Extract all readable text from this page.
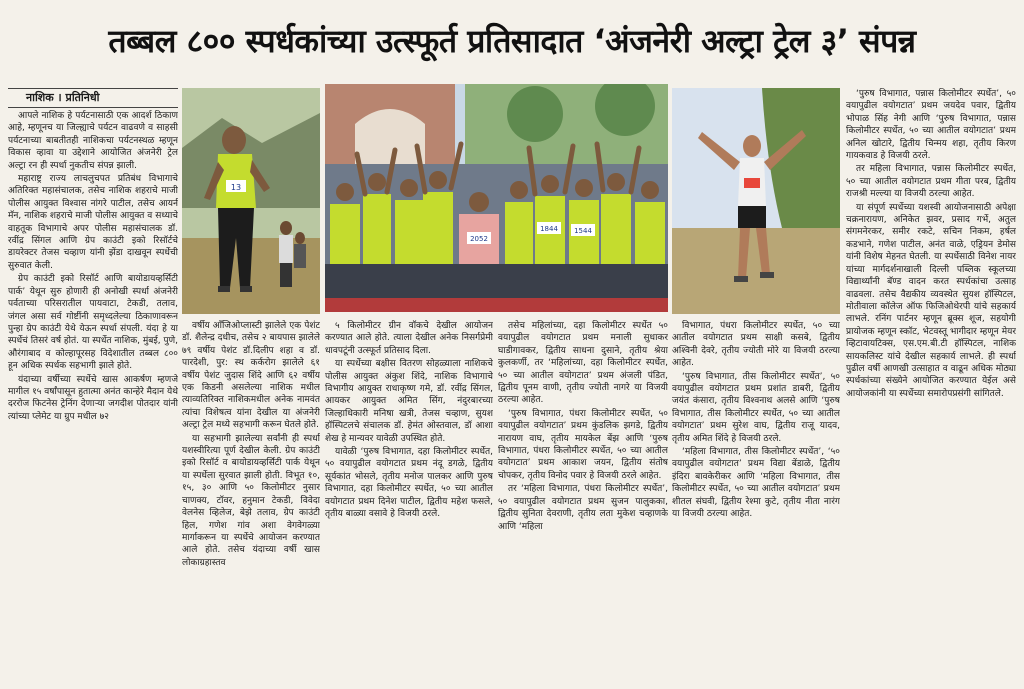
तब्बल ८०० स्पर्धकांच्या उत्स्फूर्त प्रतिसादात ‘अंजनेरी अल्ट्रा ट्रेल ३’ संपन्न
नाशिक । प्रतिनिधी

आपले नाशिक हे पर्यटनासाठी एक आदर्श ठिकाण आहे, म्हणूनच या जिल्ह्याचे पर्यटन वाढवणे व साहसी पर्यटनाच्या बाबतीतही नाशिकचा पर्यटनस्थळ म्हणून विकास व्हावा या उद्देशाने आयोजित अंजनेरी ट्रेल अल्ट्रा रन ही स्पर्धा नुकतीच संपन्न झाली.

महाराष्ट्र राज्य लाचलुचपत प्रतिबंध विभागाचे अतिरिक्त महासंचालक, तसेच नाशिक शहराचे माजी पोलीस आयुक्त विश्वास नांगरे पाटील, तसेच आयर्न मॅन, नाशिक शहराचे माजी पोलीस आयुक्त व सध्याचे वाहतूक विभागाचे अपर पोलीस महासंचालक डॉ. रवींद्र सिंगल आणि ग्रेप काउंटी इको रिसॉर्टचे डायरेक्टर तेजस चव्हाण यांनी झेंडा दाखवून स्पर्धेची सुरुवात केली.

ग्रेप काउंटी इको रिसॉर्ट आणि बायोडायव्हर्सिटी पार्क’ येथून सुरु होणारी ही अनोखी स्पर्धा अंजनेरी पर्वताच्या परिसरातील पायवाटा, टेकडी, तलाव, जंगल असा सर्व गोष्टींनी समृध्दलेल्या ठिकाणावरून पुन्हा ग्रेप काउंटी येथे येऊन स्पर्धा संपली. यंदा हे या स्पर्धेचं तिसरं वर्ष होतं. या स्पर्धेत नाशिक, मुंबई, पुणे, औरंगाबाद व कोल्हापूरसह विदेशातील तब्बल ८०० हून अधिक स्पर्धक सहभागी झाले होते.

यंदाच्या वर्षीच्या स्पर्धेचे खास आकर्षण म्हणजे मागील १५ वर्षांपासून हुतात्मा अनंत कान्हेरे मैदान येथे दररोज फिटनेस ट्रेनिंग देणाऱ्या जगदीश पोतदार यांनी त्यांच्या प्लेमेट या ग्रुप मधील ७२

13
2052
1844 1544

वर्षीय ऑंजिओप्लास्टी झालेले एक पेशंट डॉ. शैलेन्द्र दधीच, तसेच २ बायपास झालेले ७९ वर्षीय पेशंट डॉ.दिलीप शहा व डॉ. पारदेशी, पुर: स्थ कर्करोग झालेले ६१ वर्षीय पेशंट जुदास शिंदे आणि ६२ वर्षीय एक किडनी असलेल्या नाशिक मधील त्याव्यतिरिक्त नाशिकमधील अनेक नामवंत त्यांचा विशेषत्व यांना देखील या अंजनेरी अल्ट्रा ट्रेल मध्ये सहभागी करून घेतले होते.

या सहभागी झालेल्या सर्वांनी ही स्पर्धा यशस्वीरित्या पूर्ण देखील केली. ग्रेप काउंटी इको रिसॉर्ट व बायोडायव्हर्सिटी पार्क येथून या स्पर्धेला सुरवात झाली होती. विभूत १०, १५, ३० आणि ५० किलोमीटर नुसार चाणक्य, टॉवर, हनुमान टेकडी, विवेदा वेलनेस व्हिलेज, बेझे तलाव, ग्रेप काउंटी हिल, गणेश गांव अशा वेगवेगळ्या मार्गाकरून या स्पर्धेचे आयोजन करण्यात आले होते. तसेच यंदाच्या वर्षी खास लोकाग्रहास्तव

५ किलोमीटर ग्रीन वॉकचे देखील आयोजन करण्यात आले होते. त्याला देखील अनेक निसर्गप्रेमी धावपटूंनी उत्स्फूर्त प्रतिसाद दिला.

या स्पर्धेच्या बक्षीस वितरण सोहळ्याला नाशिकचे पोलीस आयुक्त अंकुश शिंदे, नाशिक विभागाचे विभागीय आयुक्त राधाकृष्ण गमे, डॉ. रवींद्र सिंगल, आयकर आयुक्त अमित सिंग, नंदुरबारच्या जिल्हाधिकारी मनिषा खत्री, तेजस चव्हाण, सुयश हॉस्पिटलचे संचालक डॉ. हेमंत ओस्तवाल, डॉ आशा शेख हे मान्यवर यावेळी उपस्थित होते.

यावेळी ‘पुरुष विभागात, दहा किलोमीटर स्पर्धेत, ५० वयापुढील वयोगटात प्रथम नंदू डगळे, द्वितीय सूर्यकांत भोसले, तृतीय मनोज पालकर आणि पुरुष विभागात, दहा किलोमीटर स्पर्धेत, ५० च्या आतील वयोगटात प्रथम दिनेश पाटील, द्वितीय महेश फसले, तृतीय बाळ्या वसावे हे विजयी ठरले.

तसेच महिलांच्या, दहा किलोमीटर स्पर्धेत ५० वयापुढील वयोगटात प्रथम मनाली सुधाकर घाडीगावकर, द्वितीय साधना दुसाने, तृतीय श्रेया कुलकर्णी, तर ‘महिलांच्या, दहा किलोमीटर स्पर्धेत, ५० च्या आतील वयोगटात’ प्रथम अंजली पंडित, द्वितीय पूनम वाणी, तृतीय ज्योती नागरे या विजयी ठरल्या आहेत.

‘पुरुष विभागात, पंधरा किलोमीटर स्पर्धेत, ५० वयापुढील वयोगटात’ प्रथम कुंडलिक झगडे, द्वितीय नारायण वाघ, तृतीय मायकेल बेंझ आणि ‘पुरुष विभागात, पंधरा किलोमीटर स्पर्धेत, ५० च्या आतील वयोगटात’ प्रथम आकाश जयन, द्वितीय संतोष चोपकर, तृतीय विनोद पवार हे विजयी ठरले आहेत.

तर ‘महिला विभागात, पंधरा किलोमीटर स्पर्धेत’, ५० वयापुढील वयोगटात प्रथम सुजन पालुकका, द्वितीय सुनिता देवराणी, तृतीय लता मुकेश चव्हाणके आणि ‘महिला

विभागात, पंधरा किलोमीटर स्पर्धेत, ५० च्या आतील वयोगटात प्रथम साक्षी कसबे, द्वितीय अश्विनी देवरे, तृतीय ज्योती मोरे या विजयी ठरल्या आहेत.

‘पुरुष विभागात, तीस किलोमीटर स्पर्धेत’, ५० वयापुढील वयोगटात प्रथम प्रशांत डाबरी, द्वितीय जयंत कंसारा, तृतीय विश्वनाथ अलसे आणि ‘पुरुष विभागात, तीस किलोमीटर स्पर्धेत, ५० च्या आतील वयोगटात’ प्रथम सुरेश वाघ, द्वितीय राजू यादव, तृतीय अमित शिंदे हे विजयी ठरले.

‘महिला विभागात, तीस किलोमीटर स्पर्धेत’, ‘५० वयापुढील वयोगटात’ प्रथम विद्या बेंडाळे, द्वितीय इंदिरा बावकेरीकर आणि ‘महिला विभागात, तीस किलोमीटर स्पर्धेत, ५० च्या आतील वयोगटात’ प्रथम शीतल संघवी, द्वितीय रेश्मा कुटे, तृतीय नीता नारंग या विजयी ठरल्या आहेत.

‘पुरुष विभागात, पन्नास किलोमीटर स्पर्धेत’, ५० वयापुढील वयोगटात’ प्रथम जयदेव पवार, द्वितीय भोपाळ सिंह नेगी आणि ‘पुरुष विभागात, पन्नास किलोमीटर स्पर्धेत, ५० च्या आतील वयोगटात’ प्रथम अनिल खोटारे, द्वितीय चिन्मय शहा, तृतीय किरण गायकवाड हे विजयी ठरले.

तर महिला विभागात, पन्नास किलोमीटर स्पर्धेत, ५० च्या आतील वयोगटात प्रथम गीता परब, द्वितीय राजश्री मल्ल्या या विजयी ठरल्या आहेत.

या संपूर्ण स्पर्धेच्या यशस्वी आयोजनासाठी अपेक्षा चक्रनारायण, अनिकेत झवर, प्रसाद गर्भे, अतुल संगमनेरकर, समीर रकटे, सचिन निकम, हर्षल कडभाने, गणेश पाटील, अनंत वाळे, एड्रियन डेमोस यांनी विशेष मेहनत घेतली. या स्पर्धेसाठी विनेश नायर यांच्या मार्गदर्शनाखाली दिल्ली पब्लिक स्कूलच्या विद्यार्थ्यांनी बॅण्ड वादन करत स्पर्धकांचा उत्साह वाढवला. तसेच वैद्यकीय व्यवस्थेत सुयश हॉस्पिटल, मोतीवाला कॉलेज ऑफ फिजिओथेरपी यांचे सहकार्य लाभले. रनिंग पार्टनर म्हणून ब्रूक्स शूज, सहयोगी प्रायोजक म्हणून स्कॉट, भेटवस्तू भागीदार म्हणून मेयर व्हिटावायटिक्स, एस.एम.बी.टी हॉस्पिटल, नाशिक सायकलिस्ट यांचे देखील सहकार्य लाभले. ही स्पर्धा पुढील वर्षी आणखी उत्साहात व वाढून अधिक मोठ्या स्पर्धकांच्या संख्येने आयोजित करण्यात येईल असे आयोजकांनी या स्पर्धेच्या समारोपप्रसंगी सांगितले.
